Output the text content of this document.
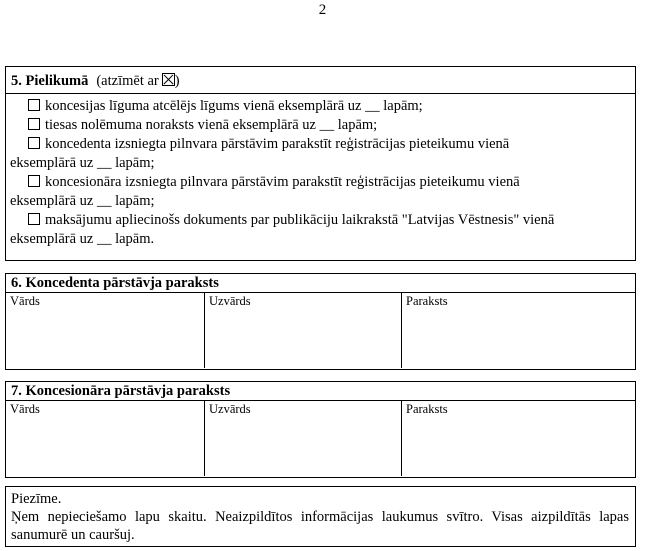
2
5. Pielikumā (atzīmēt ar )
koncesijas līguma atcēlējs līgums vienā eksemplārā uz __ lapām;
tiesas nolēmuma noraksts vienā eksemplārā uz __ lapām;
koncedenta izsniegta pilnvara pārstāvim parakstīt reģistrācijas pieteikumu vienā
eksemplārā uz __ lapām;
koncesionāra izsniegta pilnvara pārstāvim parakstīt reģistrācijas pieteikumu vienā
eksemplārā uz __ lapām;
maksājumu apliecinošs dokuments par publikāciju laikrakstā "Latvijas Vēstnesis" vienā
eksemplārā uz __ lapām.
6. Koncedenta pārstāvja paraksts
Vārds	Uzvārds	Paraksts
7. Koncesionāra pārstāvja paraksts
Vārds	Uzvārds	Paraksts
Piezīme.
Ņem nepieciešamo lapu skaitu. Neaizpildītos informācijas laukumus svītro. Visas aizpildītās lapas sanumurē un cauršuj.
